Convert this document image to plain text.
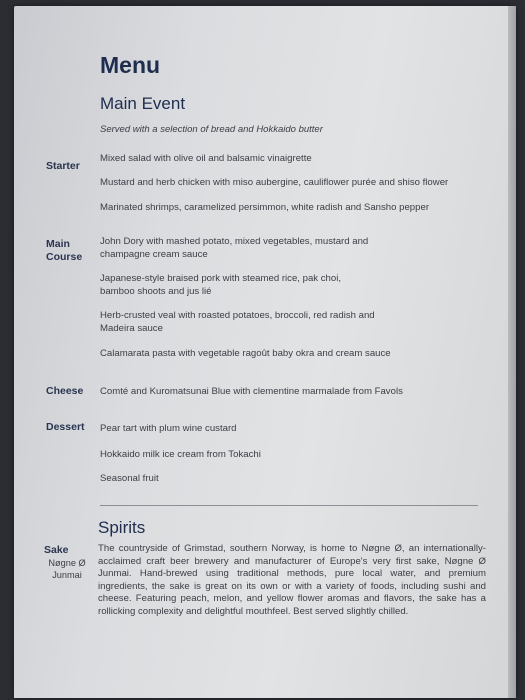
Menu
Main Event
Served with a selection of bread and Hokkaido butter
Starter
Mixed salad with olive oil and balsamic vinaigrette
Mustard and herb chicken with miso aubergine, cauliflower purée and shiso flower
Marinated shrimps, caramelized persimmon, white radish and Sansho pepper
Main
Course
John Dory with mashed potato, mixed vegetables, mustard and
champagne cream sauce
Japanese-style braised pork with steamed rice, pak choi,
bamboo shoots and jus lié
Herb-crusted veal with roasted potatoes, broccoli, red radish and
Madeira sauce
Calamarata pasta with vegetable ragoût baby okra and cream sauce
Cheese Comté and Kuromatsunai Blue with clementine marmalade from Favols
Dessert Pear tart with plum wine custard
Hokkaido milk ice cream from Tokachi
Seasonal fruit
Spirits
Sake
Nøgne Ø
Junmai
The countryside of Grimstad, southern Norway, is home to Nøgne Ø, an internationally-acclaimed craft beer brewery and manufacturer of Europe's very first sake, Nøgne Ø Junmai. Hand-brewed using traditional methods, pure local water, and premium ingredients, the sake is great on its own or with a variety of foods, including sushi and cheese. Featuring peach, melon, and yellow flower aromas and flavors, the sake has a rollicking complexity and delightful mouthfeel. Best served slightly chilled.
